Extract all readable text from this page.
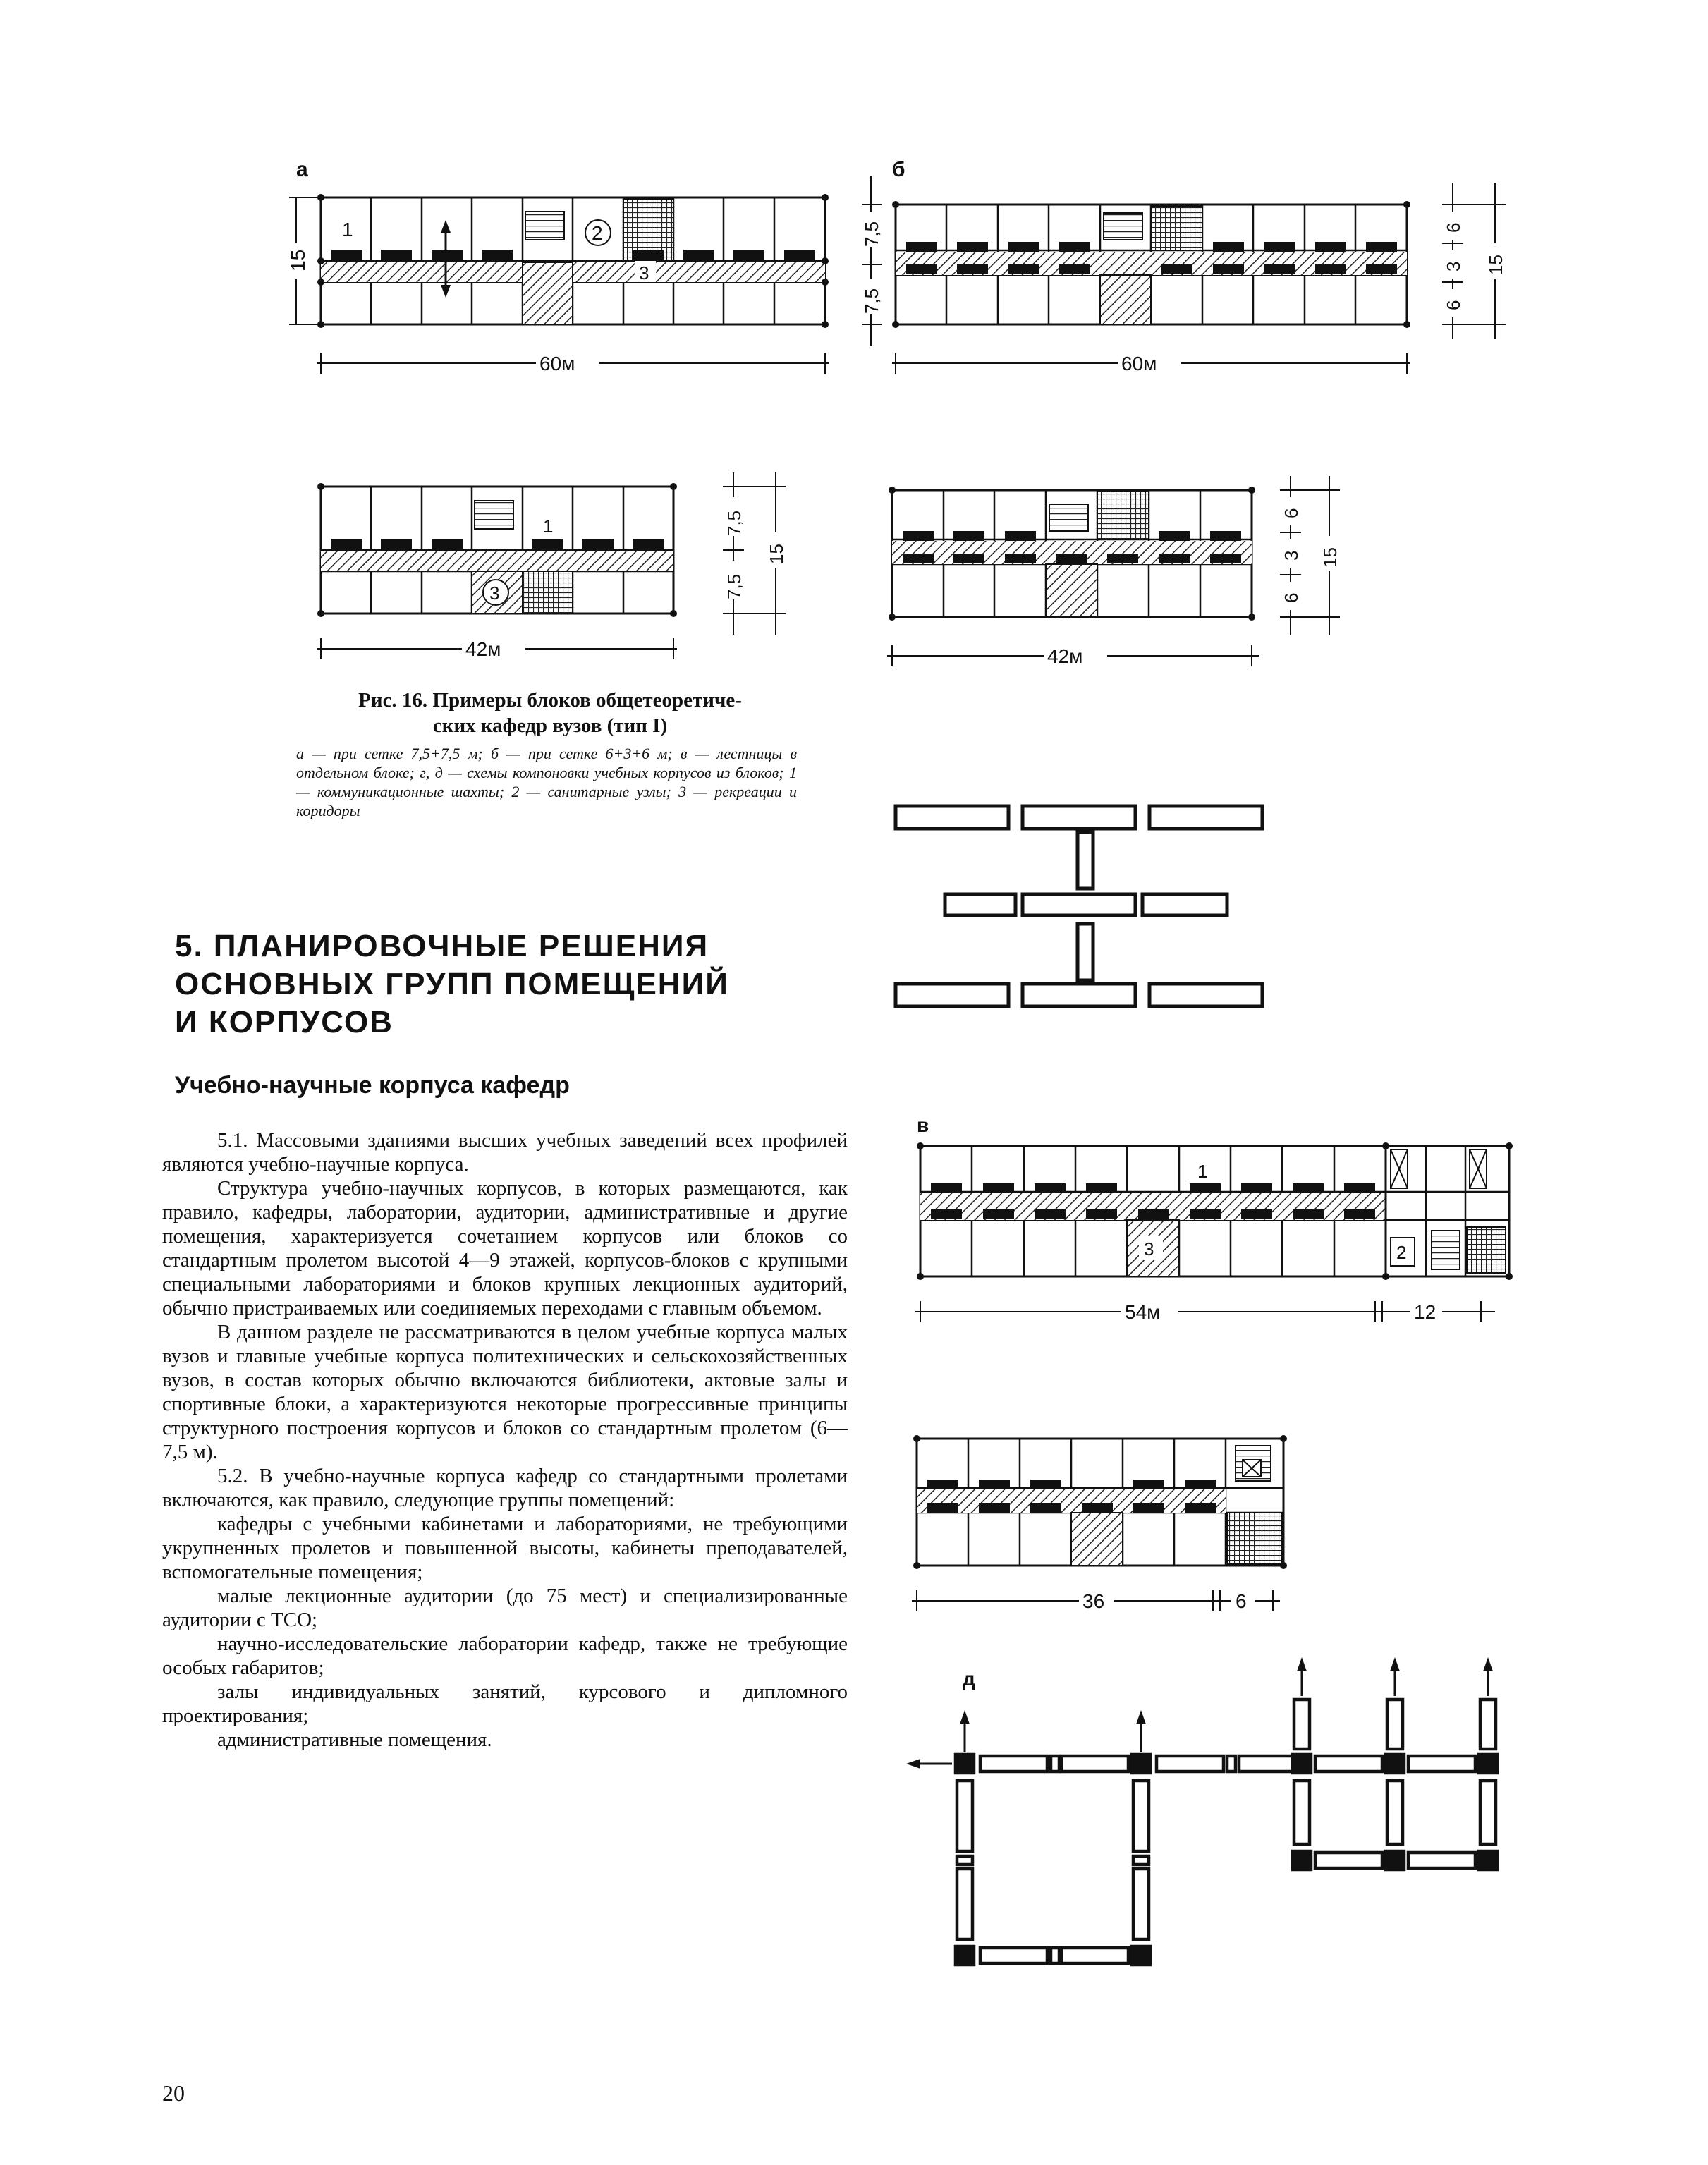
а
1	2
3
15
60м
б
7,5
7,5
6
3
6
15
60м
1
3
7,5
7,5
15
42м
6
3
6
15
42м
в
1
3	2
54м	12
36	6
д
Рис. 16. Примеры блоков общетеоретиче-
ских кафедр вузов (тип I)
а — при сетке 7,5+7,5 м; б — при сетке 6+3+6 м; в — лестницы в отдельном блоке; г, д — схемы компоновки учебных корпусов из блоков; 1 — коммуникационные шахты; 2 — санитарные узлы; 3 — рекреации и коридоры
5. ПЛАНИРОВОЧНЫЕ РЕШЕНИЯ
ОСНОВНЫХ ГРУПП ПОМЕЩЕНИЙ
И КОРПУСОВ
Учебно-научные корпуса кафедр

5.1. Массовыми зданиями высших учебных заведений всех профилей являются учебно-научные корпуса.

Структура учебно-научных корпусов, в которых размещаются, как правило, кафедры, лаборатории, аудитории, административные и другие помещения, характеризуется сочетанием корпусов или блоков со стандартным пролетом высотой 4—9 этажей, корпусов-блоков с крупными специальными лабораториями и блоков крупных лекционных аудиторий, обычно пристраиваемых или соединяемых переходами с главным объемом.

В данном разделе не рассматриваются в целом учебные корпуса малых вузов и главные учебные корпуса политехнических и сельскохозяйственных вузов, в состав которых обычно включаются библиотеки, актовые залы и спортивные блоки, а характеризуются некоторые прогрессивные принципы структурного построения корпусов и блоков со стандартным пролетом (6—7,5 м).

5.2. В учебно-научные корпуса кафедр со стандартными пролетами включаются, как правило, следующие группы помещений:

кафедры с учебными кабинетами и лабораториями, не требующими укрупненных пролетов и повышенной высоты, кабинеты преподавателей, вспомогательные помещения;

малые лекционные аудитории (до 75 мест) и специализированные аудитории с ТСО;

научно-исследовательские лаборатории кафедр, также не требующие особых габаритов;

залы индивидуальных занятий, курсового и дипломного проектирования;

административные помещения.

20
